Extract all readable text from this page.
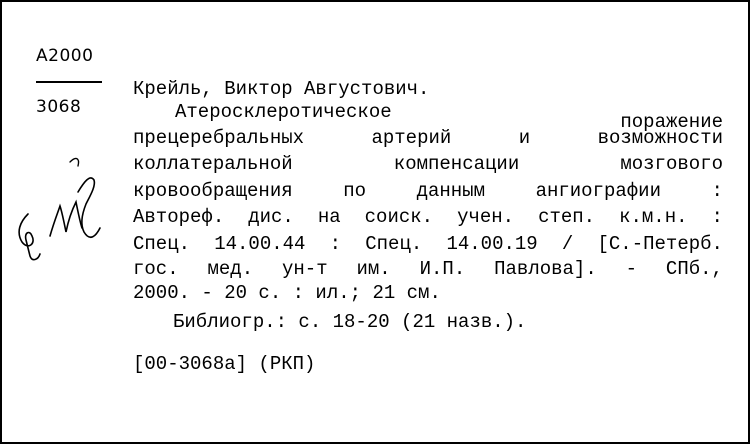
A2000
3068
Крейль, Виктор Августович.
Атеросклеротическое	поражение
прецеребральных	артерий	и	возможности
коллатеральной	компенсации	мозгового
кровообращения	по	данным	ангиографии	:
Автореф. дис. на соиск. учен. степ. к.м.н. :
Спец. 14.00.44 : Спец. 14.00.19 / [С.-Петерб.
гос. мед. ун-т им. И.П. Павлова]. - СПб.,
2000. - 20 с. : ил.; 21 см.
Библиогр.: с. 18-20 (21 назв.).
[00-3068а] (РКП)
